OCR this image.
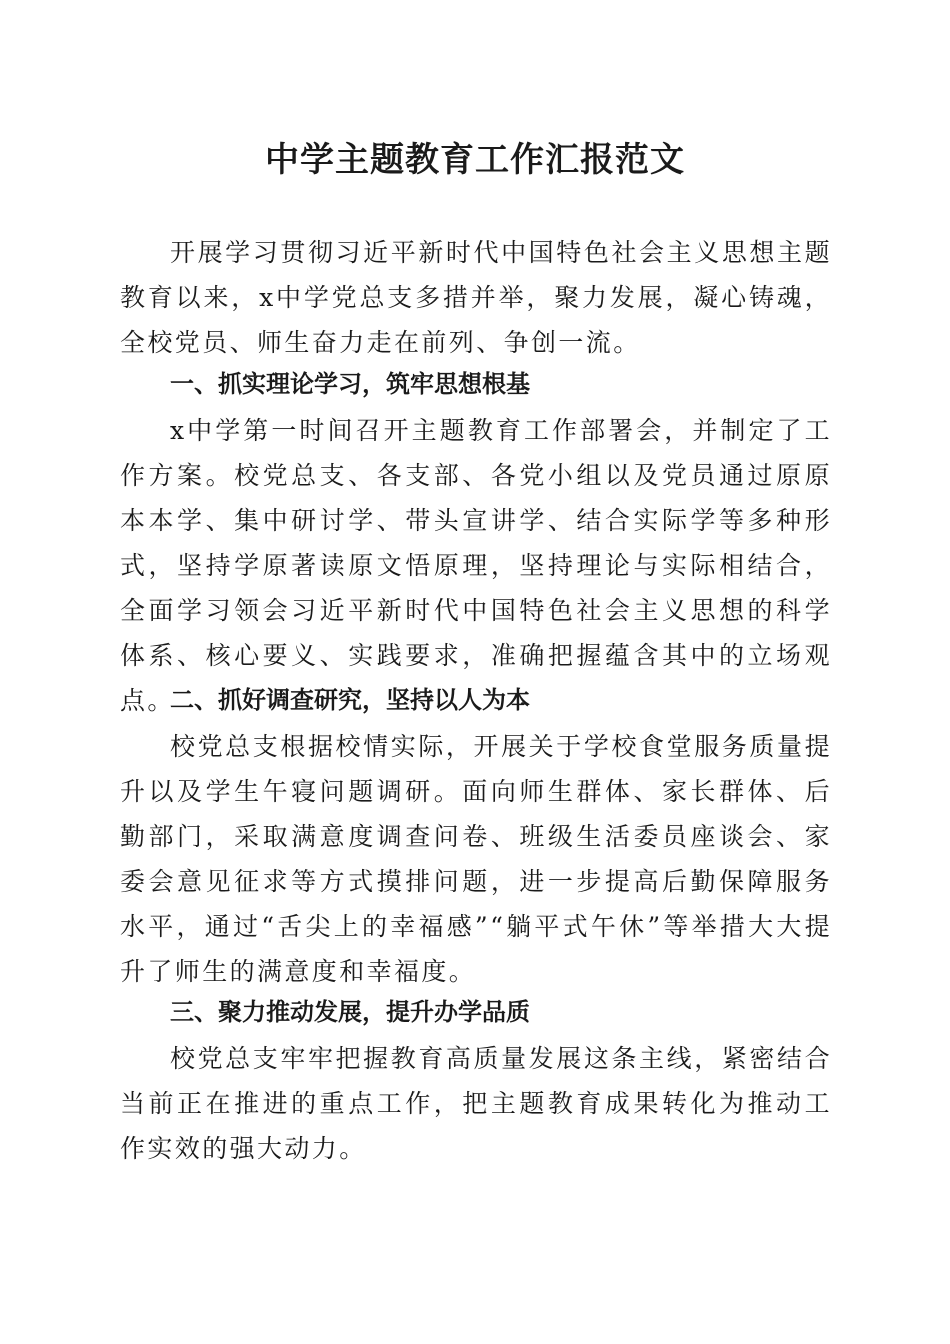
中学主题教育工作汇报范文

开展学习贯彻习近平新时代中国特色社会主义思想主题教育以来，x中学党总支多措并举，聚力发展，凝心铸魂，全校党员、师生奋力走在前列、争创一流。

一、抓实理论学习，筑牢思想根基

x中学第一时间召开主题教育工作部署会，并制定了工作方案。校党总支、各支部、各党小组以及党员通过原原本本学、集中研讨学、带头宣讲学、结合实际学等多种形式，坚持学原著读原文悟原理，坚持理论与实际相结合，全面学习领会习近平新时代中国特色社会主义思想的科学体系、核心要义、实践要求，准确把握蕴含其中的立场观点。

二、抓好调查研究，坚持以人为本

校党总支根据校情实际，开展关于学校食堂服务质量提升以及学生午寝问题调研。面向师生群体、家长群体、后勤部门，采取满意度调查问卷、班级生活委员座谈会、家委会意见征求等方式摸排问题，进一步提高后勤保障服务水平，通过“舌尖上的幸福感”“躺平式午休”等举措大大提升了师生的满意度和幸福度。

三、聚力推动发展，提升办学品质

校党总支牢牢把握教育高质量发展这条主线，紧密结合当前正在推进的重点工作，把主题教育成果转化为推动工作实效的强大动力。
